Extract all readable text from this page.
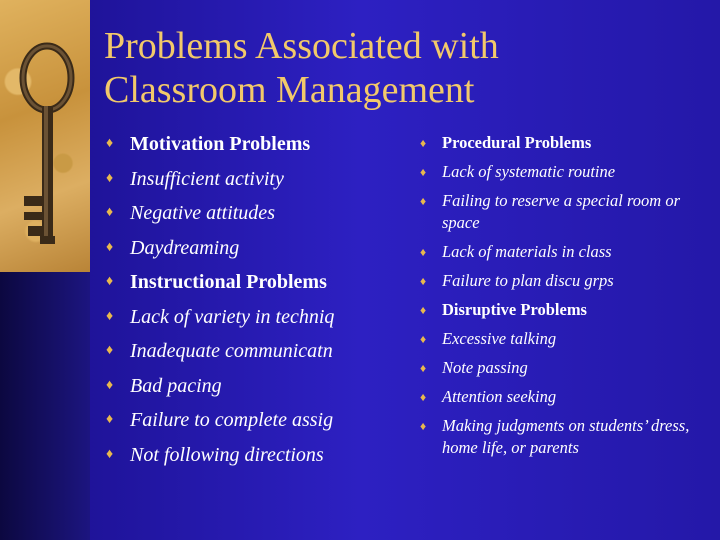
Problems Associated with
Classroom Management
♦ Motivation Problems
♦ Insufficient activity
♦ Negative attitudes
♦ Daydreaming
♦ Instructional Problems
♦ Lack of variety in techniq
♦ Inadequate communicatn
♦ Bad pacing
♦ Failure to complete assig
♦ Not following directions
♦ Procedural Problems
♦ Lack of systematic routine
♦ Failing to reserve a special room or space
♦ Lack of materials in class
♦ Failure to plan discu grps
♦ Disruptive Problems
♦ Excessive talking
♦ Note passing
♦ Attention seeking
♦ Making judgments on students’ dress, home life, or parents
